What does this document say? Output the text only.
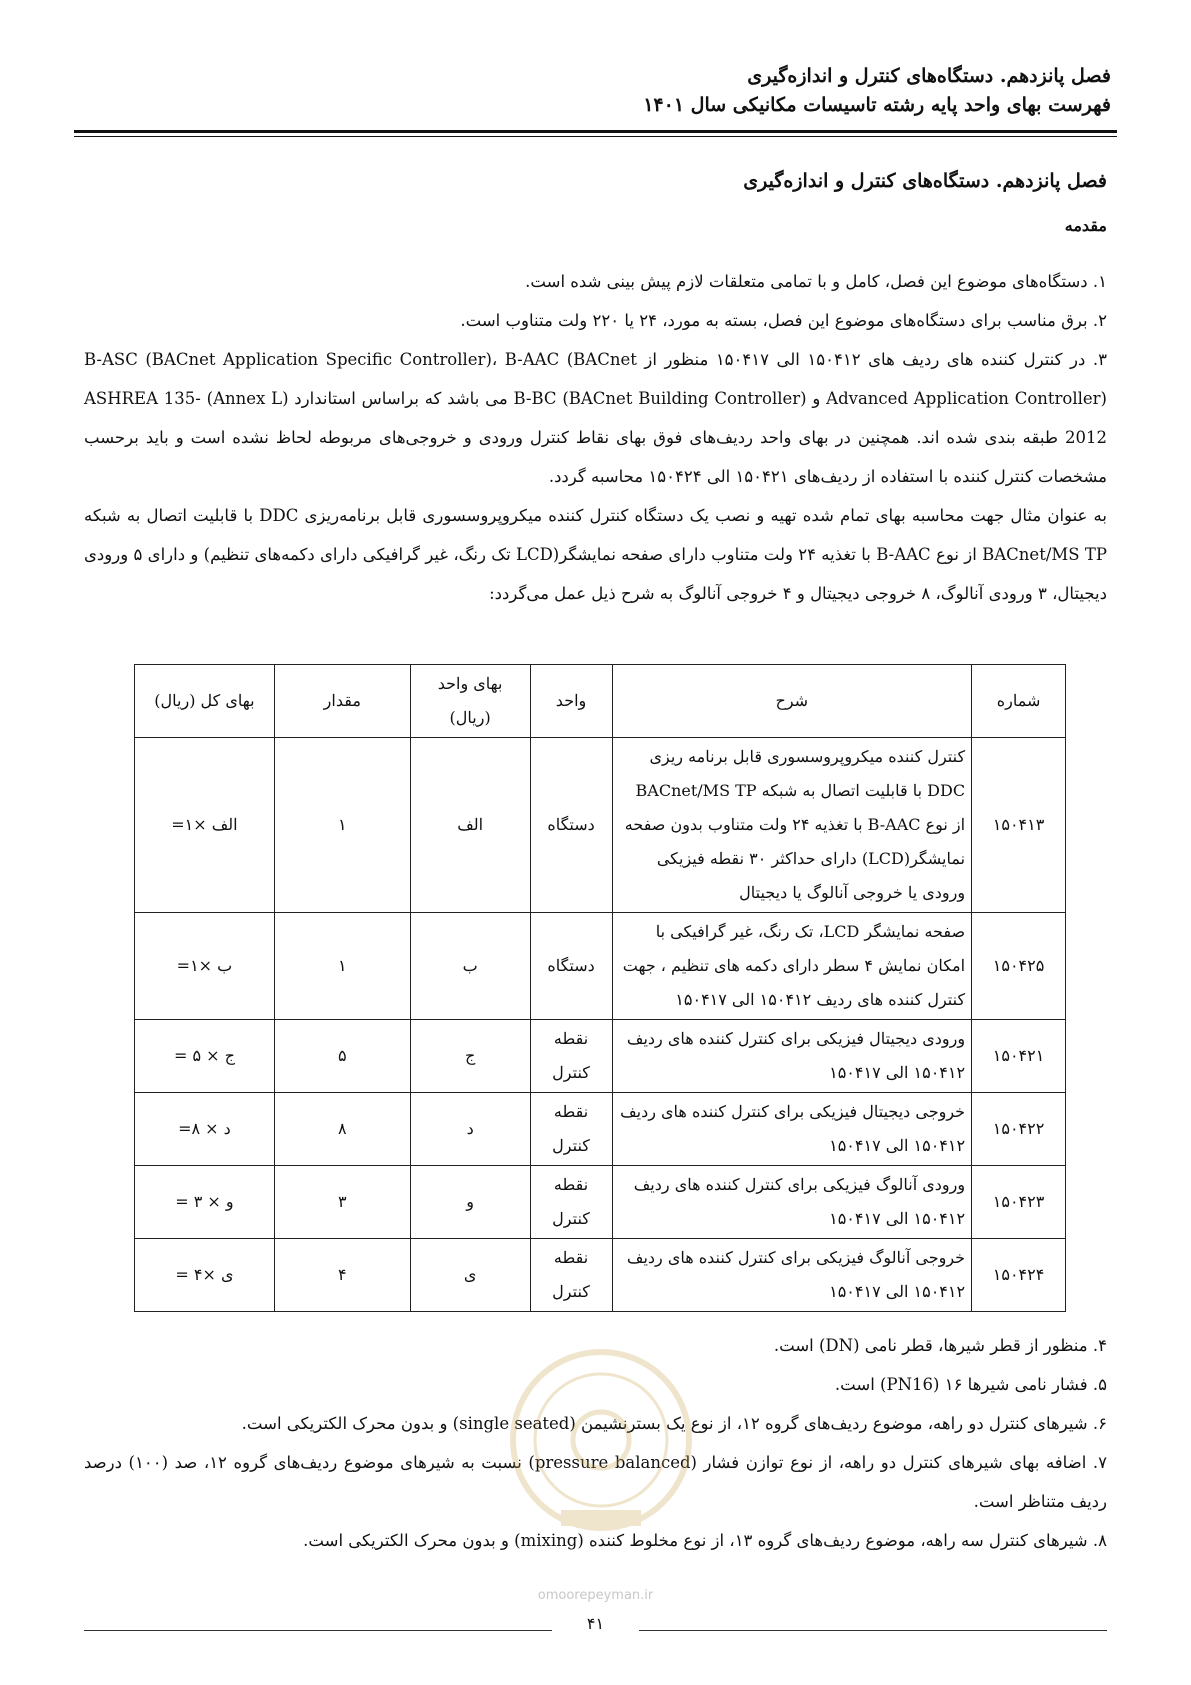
فصل پانزدهم. دستگاه‌های کنترل و اندازه‌گیری
فهرست بهای واحد پایه رشته تاسیسات مکانیکی سال ۱۴۰۱
فصل پانزدهم. دستگاه‌های کنترل و اندازه‌گیری
مقدمه
۱. دستگاه‌های موضوع این فصل، کامل و با تمامی متعلقات لازم پیش بینی شده است.
۲. برق مناسب برای دستگاه‌های موضوع این فصل، بسته به مورد، ۲۴ یا ۲۲۰ ولت متناوب است.
۳. در کنترل کننده های ردیف های ۱۵۰۴۱۲ الی ۱۵۰۴۱۷ منظور از B-ASC (BACnet Application Specific Controller)، B-AAC (BACnet Advanced Application Controller) و B-BC (BACnet Building Controller) می باشد که براساس استاندارد (Annex L) ASHREA 135-2012 طبقه بندی شده اند. همچنین در بهای واحد ردیف‌های فوق بهای نقاط کنترل ورودی و خروجی‌های مربوطه لحاظ نشده است و باید برحسب مشخصات کنترل کننده با استفاده از ردیف‌های ۱۵۰۴۲۱ الی ۱۵۰۴۲۴ محاسبه گردد.
به عنوان مثال جهت محاسبه بهای تمام شده تهیه و نصب یک دستگاه کنترل کننده میکروپروسسوری قابل برنامه‌ریزی DDC با قابلیت اتصال به شبکه BACnet/MS TP از نوع B-AAC با تغذیه ۲۴ ولت متناوب دارای صفحه نمایشگر(LCD تک رنگ، غیر گرافیکی دارای دکمه‌های تنظیم) و دارای ۵ ورودی دیجیتال، ۳ ورودی آنالوگ، ۸ خروجی دیجیتال و ۴ خروجی آنالوگ به شرح ذیل عمل می‌گردد:
شماره	شرح	واحد	بهای واحد (ریال)	مقدار	بهای کل (ریال)
۱۵۰۴۱۳	کنترل کننده میکروپروسسوری قابل برنامه ریزی DDC با قابلیت اتصال به شبکه BACnet/MS TP از نوع B-AAC با تغذیه ۲۴ ولت متناوب بدون صفحه نمایشگر(LCD) دارای حداکثر ۳۰ نقطه فیزیکی ورودی یا خروجی آنالوگ یا دیجیتال	دستگاه	الف	۱	الف ×۱=
۱۵۰۴۲۵	صفحه نمایشگر LCD، تک رنگ، غیر گرافیکی با امکان نمایش ۴ سطر دارای دکمه های تنظیم ، جهت کنترل کننده های ردیف ۱۵۰۴۱۲ الی ۱۵۰۴۱۷	دستگاه	ب	۱	ب ×۱=
۱۵۰۴۲۱	ورودی دیجیتال فیزیکی برای کنترل کننده های ردیف ۱۵۰۴۱۲ الی ۱۵۰۴۱۷	نقطه کنترل	ج	۵	ج × ۵ =
۱۵۰۴۲۲	خروجی دیجیتال فیزیکی برای کنترل کننده های ردیف ۱۵۰۴۱۲ الی ۱۵۰۴۱۷	نقطه کنترل	د	۸	د × ۸=
۱۵۰۴۲۳	ورودی آنالوگ فیزیکی برای کنترل کننده های ردیف ۱۵۰۴۱۲ الی ۱۵۰۴۱۷	نقطه کنترل	و	۳	و × ۳ =
۱۵۰۴۲۴	خروجی آنالوگ فیزیکی برای کنترل کننده های ردیف ۱۵۰۴۱۲ الی ۱۵۰۴۱۷	نقطه کنترل	ی	۴	ی ×۴ =
۴. منظور از قطر شیرها، قطر نامی (DN) است.
۵. فشار نامی شیرها ۱۶ (PN16) است.
۶. شیرهای کنترل دو راهه، موضوع ردیف‌های گروه ۱۲، از نوع یک بسترنشیمن (single seated) و بدون محرک الکتریکی است.
۷. اضافه بهای شیرهای کنترل دو راهه، از نوع توازن فشار (pressure balanced) نسبت به شیرهای موضوع ردیف‌های گروه ۱۲، صد (۱۰۰) درصد ردیف متناظر است.
۸. شیرهای کنترل سه راهه، موضوع ردیف‌های گروه ۱۳، از نوع مخلوط کننده (mixing) و بدون محرک الکتریکی است.
omoorepeyman.ir
۴۱
